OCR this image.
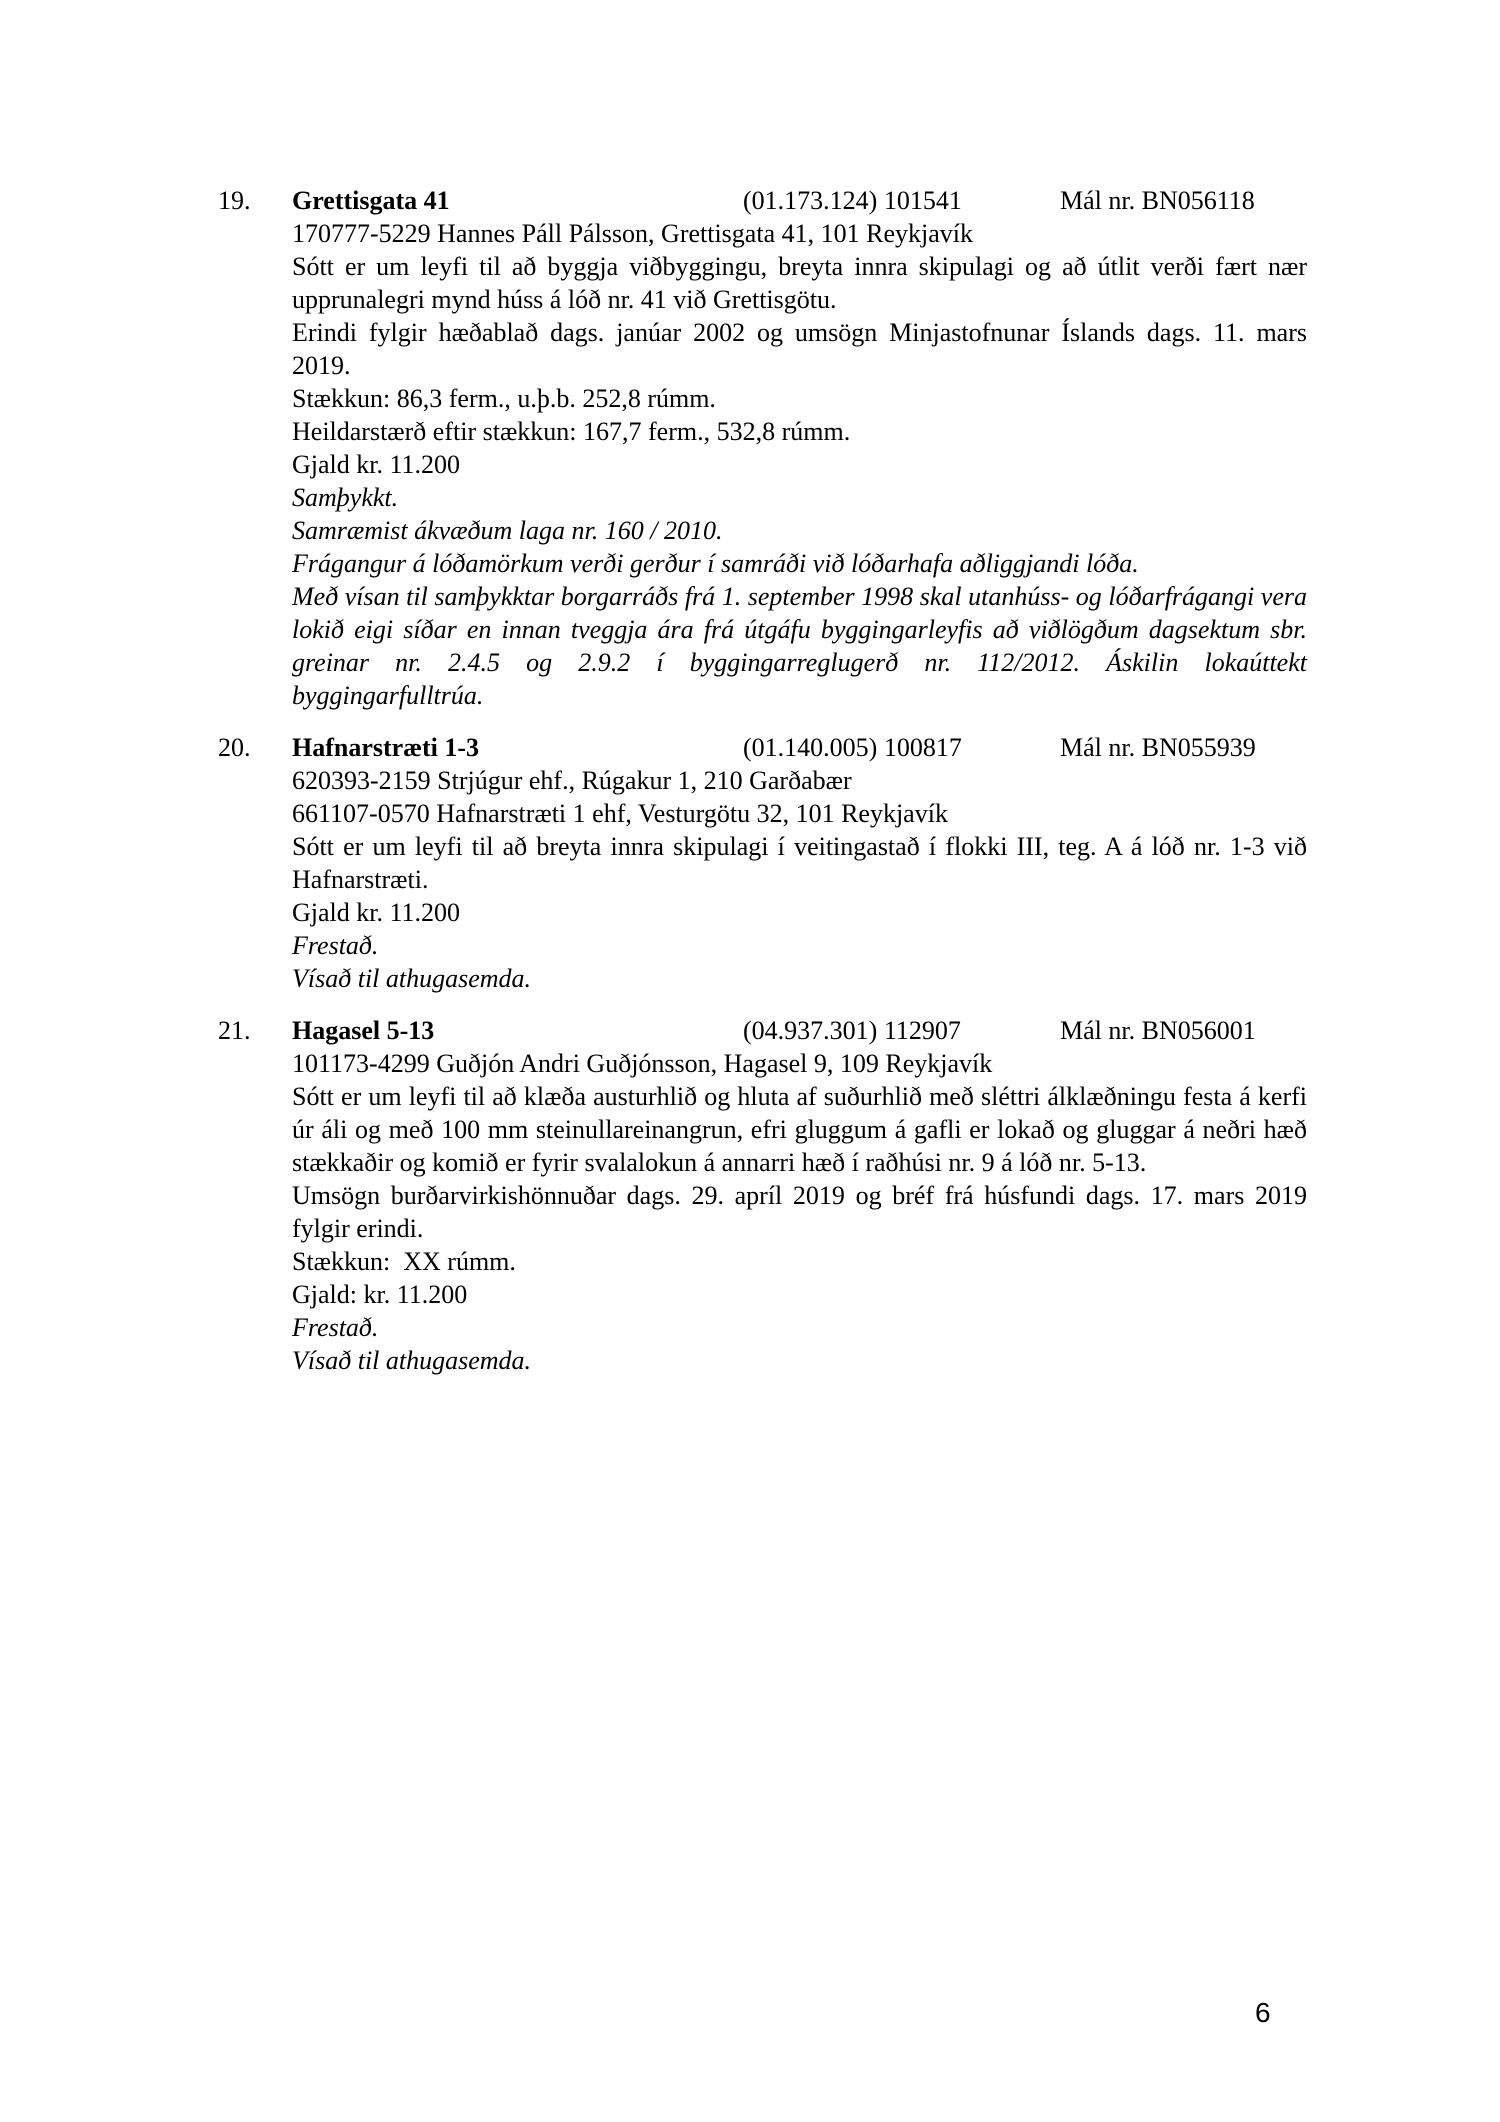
19.	Grettisgata 41	(01.173.124) 101541	Mál nr. BN056118

170777-5229 Hannes Páll Pálsson, Grettisgata 41, 101 Reykjavík

Sótt er um leyfi til að byggja viðbyggingu, breyta innra skipulagi og að útlit verði fært nær upprunalegri mynd húss á lóð nr. 41 við Grettisgötu.

Erindi fylgir hæðablað dags. janúar 2002 og umsögn Minjastofnunar Íslands dags. 11. mars 2019.

Stækkun: 86,3 ferm., u.þ.b. 252,8 rúmm.

Heildarstærð eftir stækkun: 167,7 ferm., 532,8 rúmm.

Gjald kr. 11.200

Samþykkt.

Samræmist ákvæðum laga nr. 160 / 2010.

Frágangur á lóðamörkum verði gerður í samráði við lóðarhafa aðliggjandi lóða.

Með vísan til samþykktar borgarráðs frá 1. september 1998 skal utanhúss- og lóðarfrágangi vera lokið eigi síðar en innan tveggja ára frá útgáfu byggingarleyfis að viðlögðum dagsektum sbr. greinar nr. 2.4.5 og 2.9.2 í byggingarreglugerð nr. 112/2012. Áskilin lokaúttekt byggingarfulltrúa.

20.	Hafnarstræti 1-3	(01.140.005) 100817	Mál nr. BN055939

620393-2159 Strjúgur ehf., Rúgakur 1, 210 Garðabær

661107-0570 Hafnarstræti 1 ehf, Vesturgötu 32, 101 Reykjavík

Sótt er um leyfi til að breyta innra skipulagi í veitingastað í flokki III, teg. A á lóð nr. 1-3 við Hafnarstræti.

Gjald kr. 11.200

Frestað.

Vísað til athugasemda.

21.	Hagasel 5-13	(04.937.301) 112907	Mál nr. BN056001

101173-4299 Guðjón Andri Guðjónsson, Hagasel 9, 109 Reykjavík

Sótt er um leyfi til að klæða austurhlið og hluta af suðurhlið með sléttri álklæðningu festa á kerfi úr áli og með 100 mm steinullareinangrun, efri gluggum á gafli er lokað og gluggar á neðri hæð stækkaðir og komið er fyrir svalalokun á annarri hæð í raðhúsi nr. 9 á lóð nr. 5-13.

Umsögn burðarvirkishönnuðar dags. 29. apríl 2019 og bréf frá húsfundi dags. 17. mars 2019 fylgir erindi.

Stækkun:  XX rúmm.

Gjald: kr. 11.200

Frestað.

Vísað til athugasemda.

6
